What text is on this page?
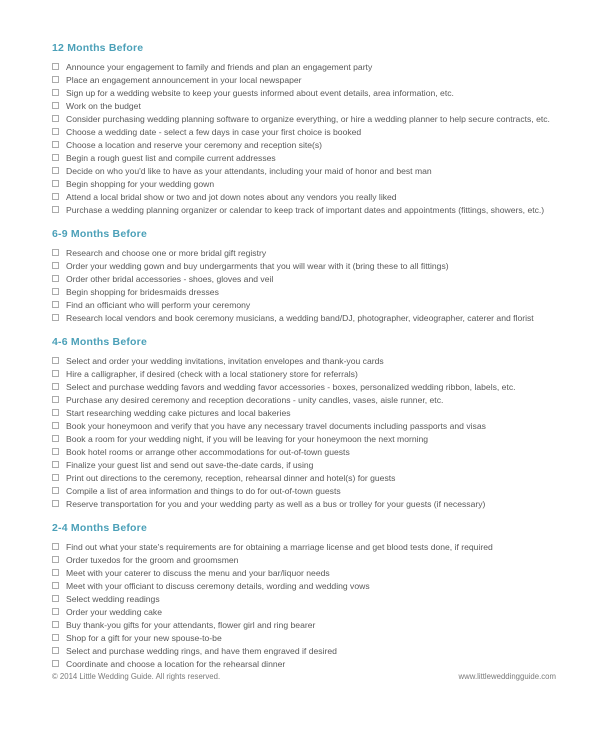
12 Months Before
Announce your engagement to family and friends and plan an engagement party
Place an engagement announcement in your local newspaper
Sign up for a wedding website to keep your guests informed about event details, area information, etc.
Work on the budget
Consider purchasing wedding planning software to organize everything, or hire a wedding planner to help secure contracts, etc.
Choose a wedding date - select a few days in case your first choice is booked
Choose a location and reserve your ceremony and reception site(s)
Begin a rough guest list and compile current addresses
Decide on who you'd like to have as your attendants, including your maid of honor and best man
Begin shopping for your wedding gown
Attend a local bridal show or two and jot down notes about any vendors you really liked
Purchase a wedding planning organizer or calendar to keep track of important dates and appointments (fittings, showers, etc.)
6-9 Months Before
Research and choose one or more bridal gift registry
Order your wedding gown and buy undergarments that you will wear with it (bring these to all fittings)
Order other bridal accessories - shoes, gloves and veil
Begin shopping for bridesmaids dresses
Find an officiant who will perform your ceremony
Research local vendors and book ceremony musicians, a wedding band/DJ, photographer, videographer, caterer and florist
4-6 Months Before
Select and order your wedding invitations, invitation envelopes and thank-you cards
Hire a calligrapher, if desired (check with a local stationery store for referrals)
Select and purchase wedding favors and wedding favor accessories - boxes, personalized wedding ribbon, labels, etc.
Purchase any desired ceremony and reception decorations - unity candles, vases, aisle runner, etc.
Start researching wedding cake pictures and local bakeries
Book your honeymoon and verify that you have any necessary travel documents including passports and visas
Book a room for your wedding night, if you will be leaving for your honeymoon the next morning
Book hotel rooms or arrange other accommodations for out-of-town guests
Finalize your guest list and send out save-the-date cards, if using
Print out directions to the ceremony, reception, rehearsal dinner and hotel(s) for guests
Compile a list of area information and things to do for out-of-town guests
Reserve transportation for you and your wedding party as well as a bus or trolley for your guests (if necessary)
2-4 Months Before
Find out what your state's requirements are for obtaining a marriage license and get blood tests done, if required
Order tuxedos for the groom and groomsmen
Meet with your caterer to discuss the menu and your bar/liquor needs
Meet with your officiant to discuss ceremony details, wording and wedding vows
Select wedding readings
Order your wedding cake
Buy thank-you gifts for your attendants, flower girl and ring bearer
Shop for a gift for your new spouse-to-be
Select and purchase wedding rings, and have them engraved if desired
Coordinate and choose a location for the rehearsal dinner
© 2014 Little Wedding Guide. All rights reserved.	www.littleweddingguide.com
